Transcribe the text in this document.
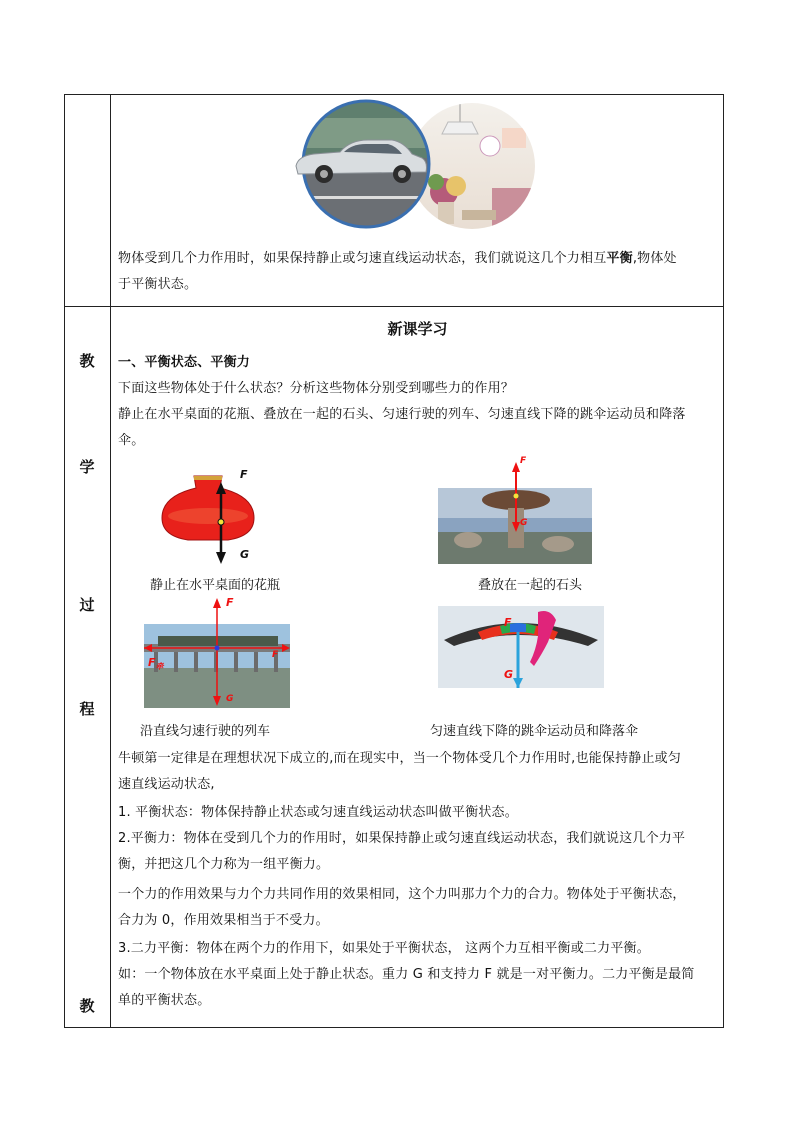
教
学
过
程
教
物体受到几个力作用时，如果保持静止或匀速直线运动状态，我们就说这几个力相互平衡,物体处
于平衡状态。
新课学习
一、平衡状态、平衡力
下面这些物体处于什么状态？分析这些物体分别受到哪些力的作用？
静止在水平桌面的花瓶、叠放在一起的石头、匀速行驶的列车、匀速直线下降的跳伞运动员和降落
伞。
F
G
静止在水平桌面的花瓶
F
G
叠放在一起的石头
F
$F_牵$
F
G
沿直线匀速行驶的列车
F
G
匀速直线下降的跳伞运动员和降落伞
牛顿第一定律是在理想状况下成立的,而在现实中，当一个物体受几个力作用时,也能保持静止或匀
速直线运动状态,
1. 平衡状态：物体保持静止状态或匀速直线运动状态叫做平衡状态。
2.平衡力：物体在受到几个力的作用时，如果保持静止或匀速直线运动状态，我们就说这几个力平
衡，并把这几个力称为一组平衡力。
一个力的作用效果与力个力共同作用的效果相同，这个力叫那力个力的合力。物体处于平衡状态，
合力为 0，作用效果相当于不受力。
3.二力平衡：物体在两个力的作用下，如果处于平衡状态， 这两个力互相平衡或二力平衡。
如：一个物体放在水平桌面上处于静止状态。重力 G 和支持力 F 就是一对平衡力。二力平衡是最简
单的平衡状态。
